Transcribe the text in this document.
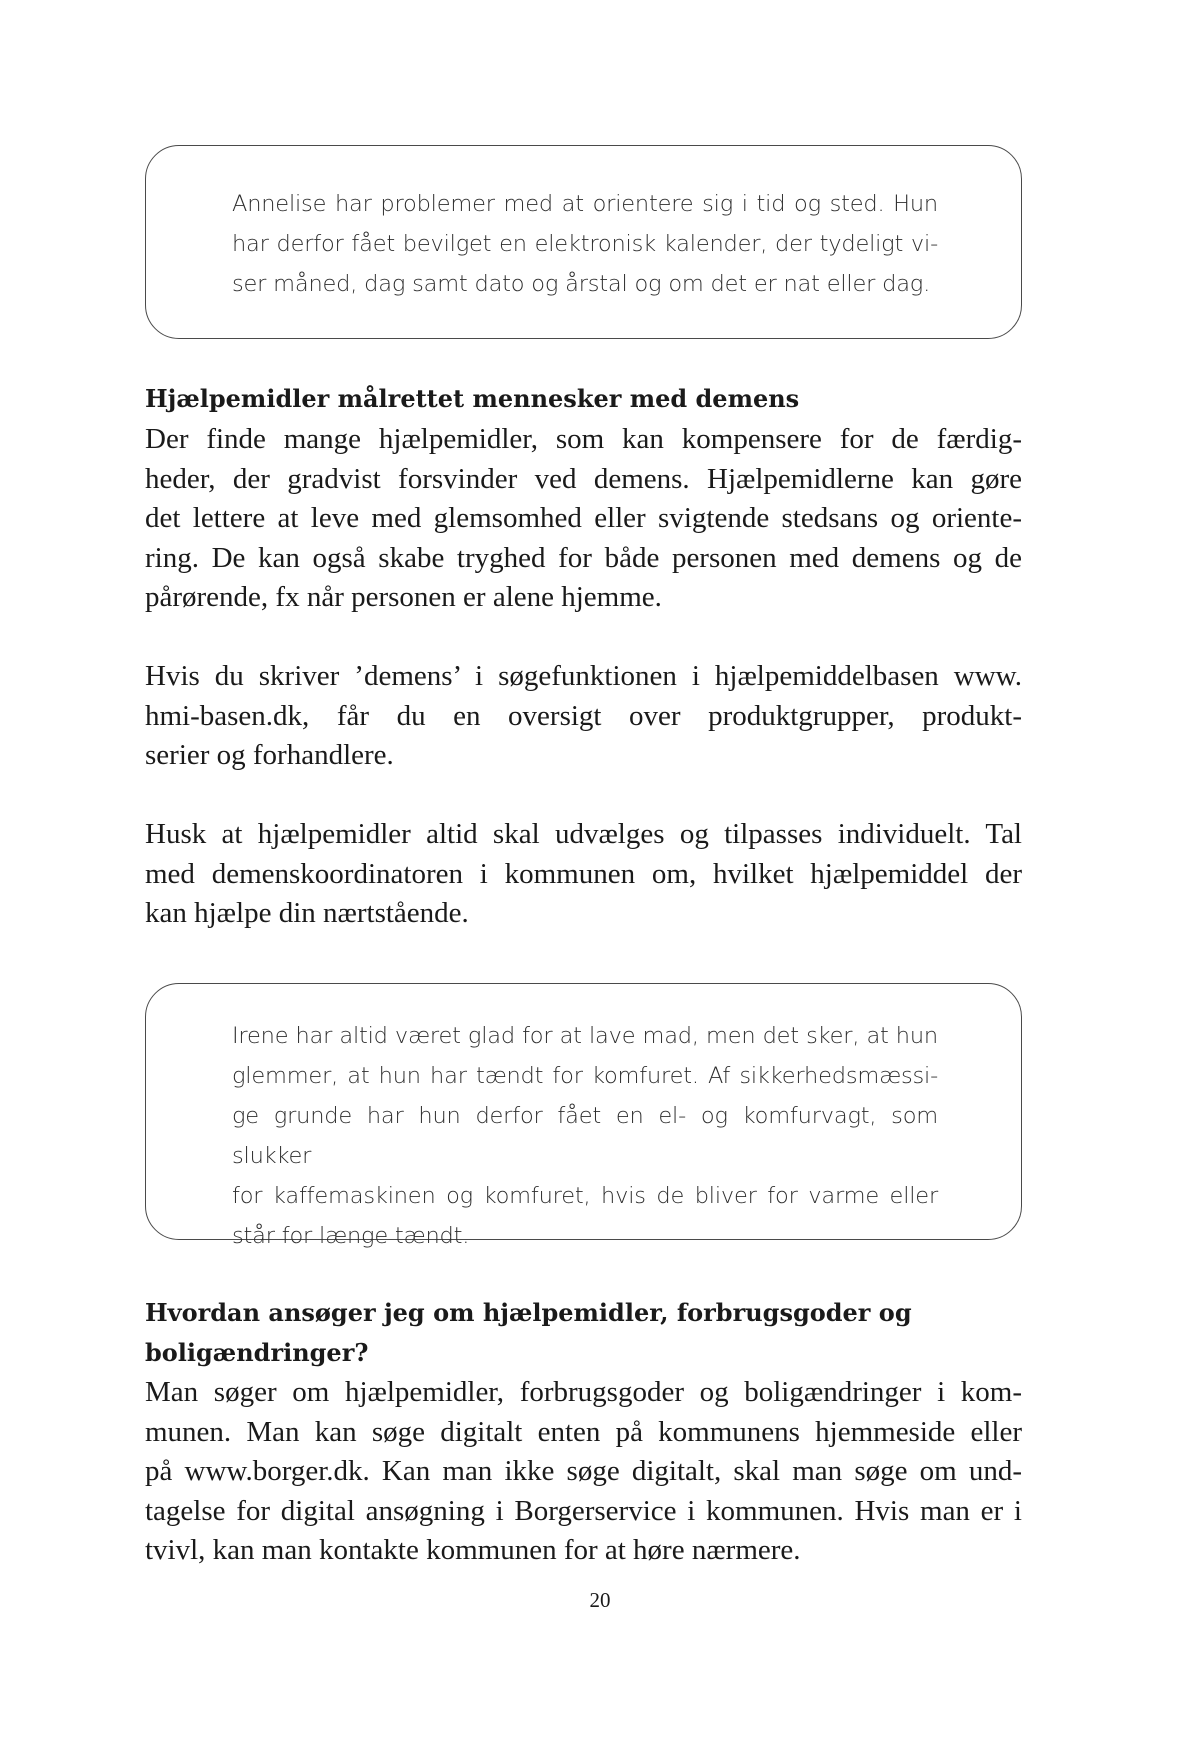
Annelise har problemer med at orientere sig i tid og sted. Hun
har derfor fået bevilget en elektronisk kalender, der tydeligt vi-
ser måned, dag samt dato og årstal og om det er nat eller dag.

Hjælpemidler målrettet mennesker med demens

Der finde mange hjælpemidler, som kan kompensere for de færdig-
heder, der gradvist forsvinder ved demens. Hjælpemidlerne kan gøre
det lettere at leve med glemsomhed eller svigtende stedsans og oriente-
ring. De kan også skabe tryghed for både personen med demens og de
pårørende, fx når personen er alene hjemme.

Hvis du skriver ’demens’ i søgefunktionen i hjælpemiddelbasen www.
hmi-basen.dk, får du en oversigt over produktgrupper, produkt-
serier og forhandlere.

Husk at hjælpemidler altid skal udvælges og tilpasses individuelt. Tal
med demenskoordinatoren i kommunen om, hvilket hjælpemiddel der
kan hjælpe din nærtstående.

Irene har altid været glad for at lave mad, men det sker, at hun
glemmer, at hun har tændt for komfuret. Af sikkerhedsmæssi-
ge grunde har hun derfor fået en el- og komfurvagt, som slukker
for kaffemaskinen og komfuret, hvis de bliver for varme eller
står for længe tændt.

Hvordan ansøger jeg om hjælpemidler, forbrugsgoder og
boligændringer?

Man søger om hjælpemidler, forbrugsgoder og boligændringer i kom-
munen. Man kan søge digitalt enten på kommunens hjemmeside eller
på www.borger.dk. Kan man ikke søge digitalt, skal man søge om und-
tagelse for digital ansøgning i Borgerservice i kommunen. Hvis man er i
tvivl, kan man kontakte kommunen for at høre nærmere.

20
